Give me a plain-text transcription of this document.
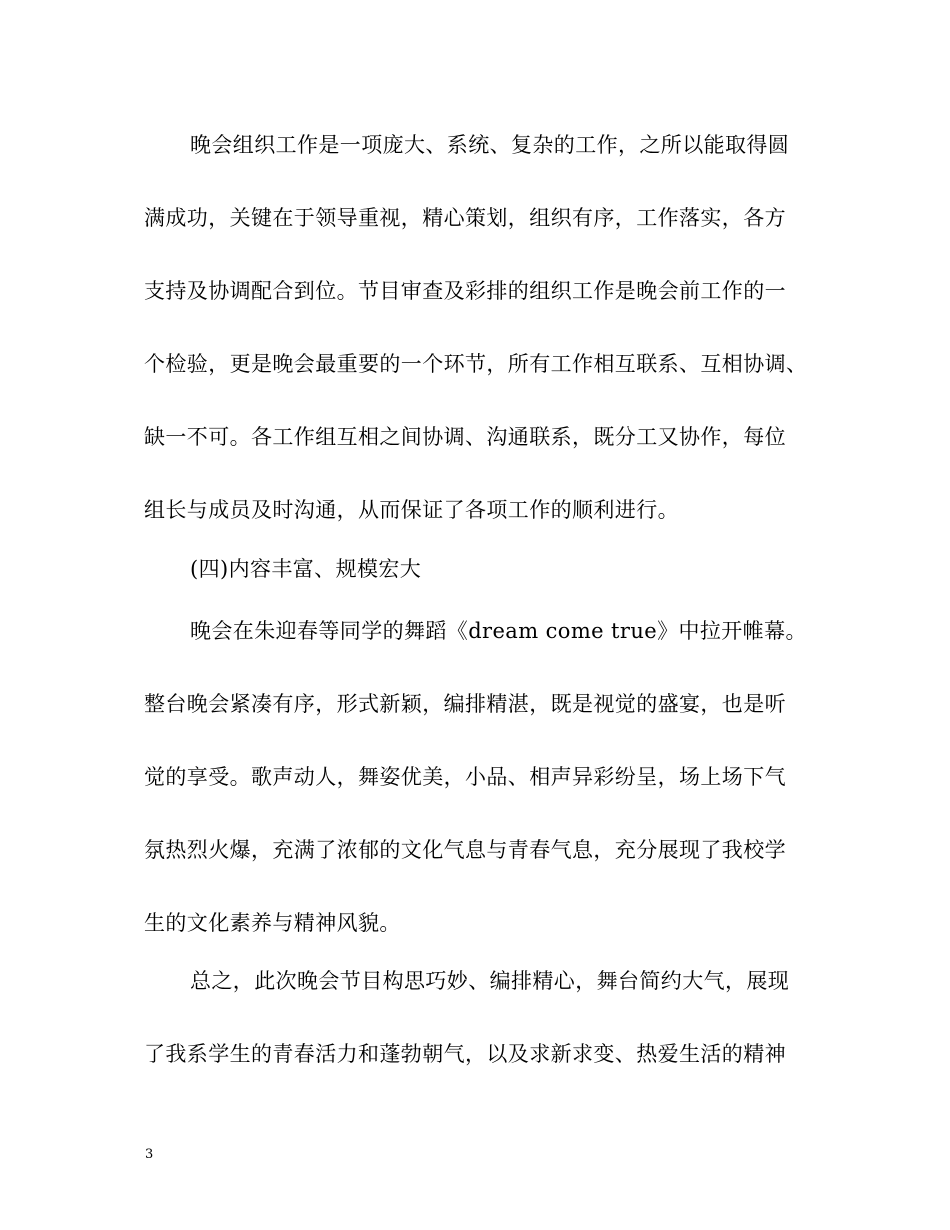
晚会组织工作是一项庞大、系统、复杂的工作，之所以能取得圆
满成功，关键在于领导重视，精心策划，组织有序，工作落实，各方
支持及协调配合到位。节目审查及彩排的组织工作是晚会前工作的一
个检验，更是晚会最重要的一个环节，所有工作相互联系、互相协调、
缺一不可。各工作组互相之间协调、沟通联系，既分工又协作，每位
组长与成员及时沟通，从而保证了各项工作的顺利进行。
(四)内容丰富、规模宏大
晚会在朱迎春等同学的舞蹈《dream come true》中拉开帷幕。
整台晚会紧凑有序，形式新颖，编排精湛，既是视觉的盛宴，也是听
觉的享受。歌声动人，舞姿优美，小品、相声异彩纷呈，场上场下气
氛热烈火爆，充满了浓郁的文化气息与青春气息，充分展现了我校学
生的文化素养与精神风貌。
总之，此次晚会节目构思巧妙、编排精心，舞台简约大气，展现
了我系学生的青春活力和蓬勃朝气，以及求新求变、热爱生活的精神
3
